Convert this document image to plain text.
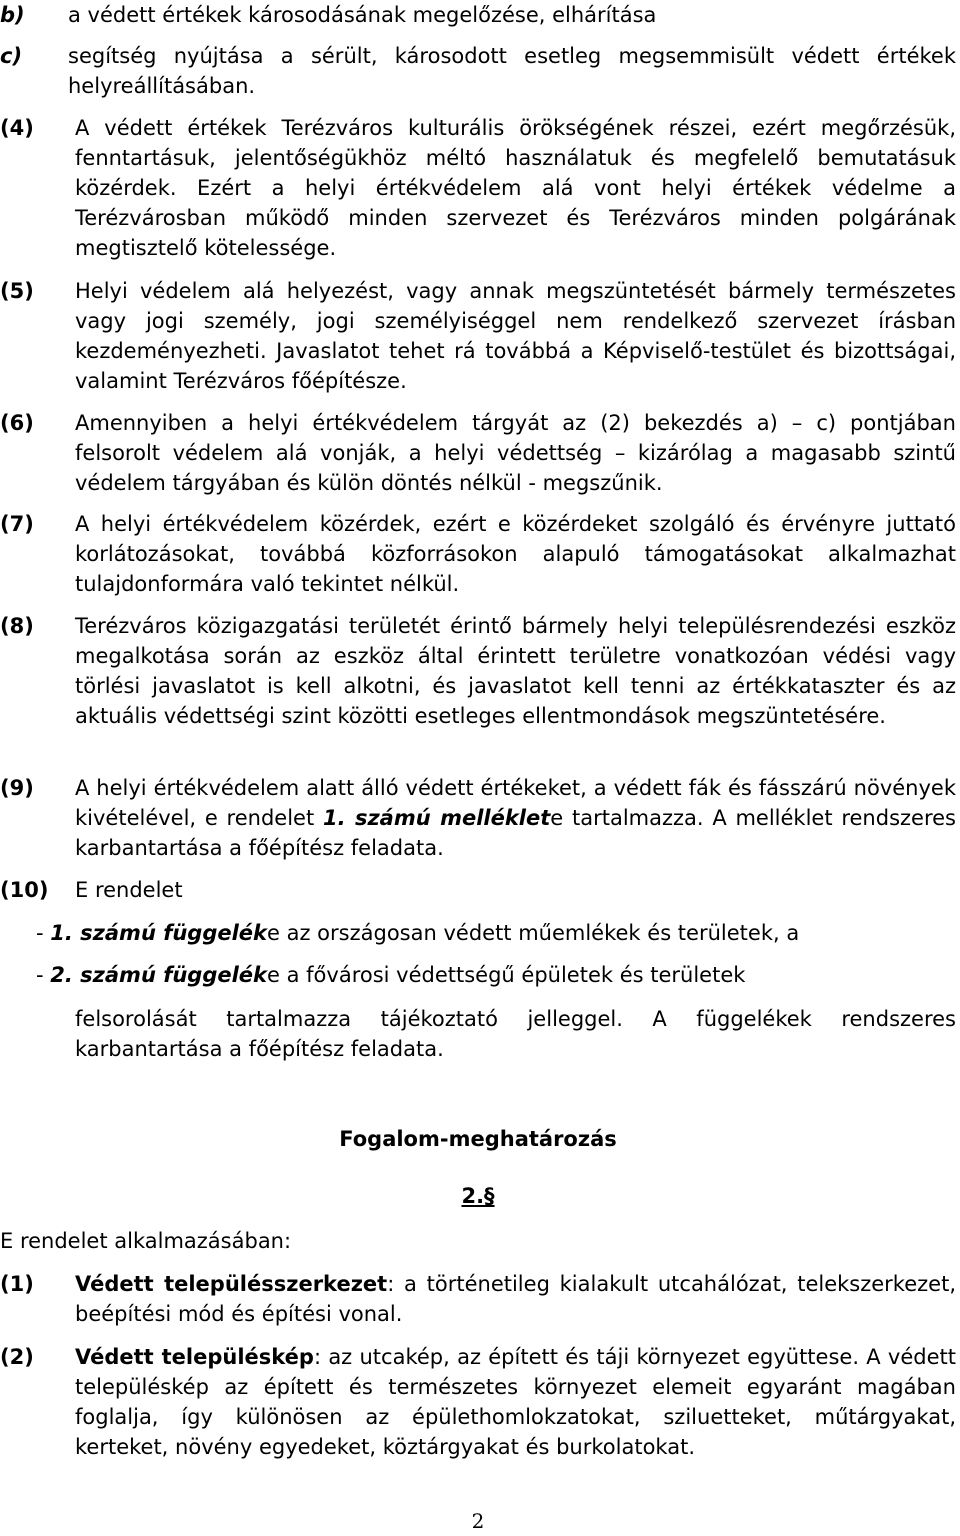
b) a védett értékek károsodásának megelőzése, elhárítása
c) segítség nyújtása a sérült, károsodott esetleg megsemmisült védett értékek helyreállításában.
(4) A védett értékek Terézváros kulturális örökségének részei, ezért megőrzésük, fenntartásuk, jelentőségükhöz méltó használatuk és megfelelő bemutatásuk közérdek. Ezért a helyi értékvédelem alá vont helyi értékek védelme a Terézvárosban működő minden szervezet és Terézváros minden polgárának megtisztelő kötelessége.
(5) Helyi védelem alá helyezést, vagy annak megszüntetését bármely természetes vagy jogi személy, jogi személyiséggel nem rendelkező szervezet írásban kezdeményezheti. Javaslatot tehet rá továbbá a Képviselő-testület és bizottságai, valamint Terézváros főépítésze.
(6) Amennyiben a helyi értékvédelem tárgyát az (2) bekezdés a) – c) pontjában felsorolt védelem alá vonják, a helyi védettség – kizárólag a magasabb szintű védelem tárgyában és külön döntés nélkül - megszűnik.
(7) A helyi értékvédelem közérdek, ezért e közérdeket szolgáló és érvényre juttató korlátozásokat, továbbá közforrásokon alapuló támogatásokat alkalmazhat tulajdonformára való tekintet nélkül.
(8) Terézváros közigazgatási területét érintő bármely helyi településrendezési eszköz megalkotása során az eszköz által érintett területre vonatkozóan védési vagy törlési javaslatot is kell alkotni, és javaslatot kell tenni az értékkataszter és az aktuális védettségi szint közötti esetleges ellentmondások megszüntetésére.
(9) A helyi értékvédelem alatt álló védett értékeket, a védett fák és fásszárú növények kivételével, e rendelet 1. számú melléklete tartalmazza. A melléklet rendszeres karbantartása a főépítész feladata.
(10) E rendelet
- 1. számú függeléke az országosan védett műemlékek és területek, a
- 2. számú függeléke a fővárosi védettségű épületek és területek
felsorolását tartalmazza tájékoztató jelleggel. A függelékek rendszeres karbantartása a főépítész feladata.
Fogalom-meghatározás
2.§
E rendelet alkalmazásában:
(1) Védett településszerkezet: a történetileg kialakult utcahálózat, telekszerkezet, beépítési mód és építési vonal.
(2) Védett településkép: az utcakép, az épített és táji környezet együttese. A védett településkép az épített és természetes környezet elemeit egyaránt magában foglalja, így különösen az épülethomlokzatokat, sziluetteket, műtárgyakat, kerteket, növény egyedeket, köztárgyakat és burkolatokat.
2
